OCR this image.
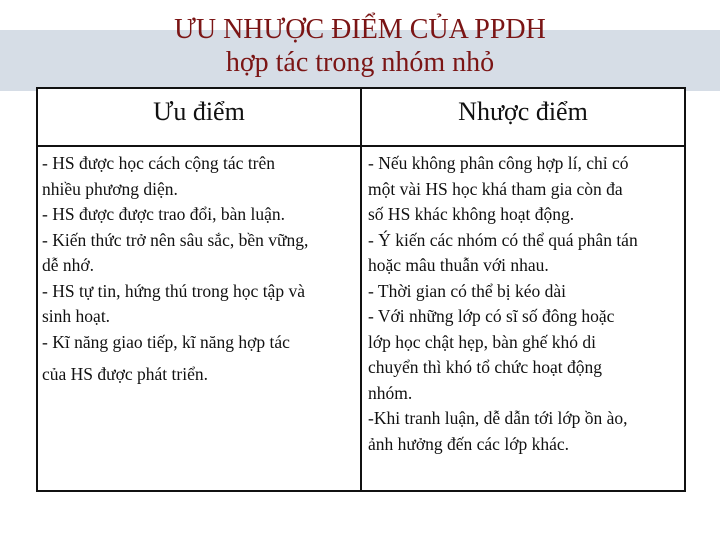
ƯU NHƯỢC ĐIỂM CỦA PPDH
hợp tác trong nhóm nhỏ
Ưu điểm	Nhược điểm
- HS được học cách cộng tác trên
nhiều phương diện.
- HS được được trao đổi, bàn luận.
- Kiến thức trở nên sâu sắc, bền vững,
dễ nhớ.
- HS tự tin, hứng thú trong học tập và
sinh hoạt.
- Kĩ năng giao tiếp, kĩ năng hợp tác
của HS được phát triển.
- Nếu không phân công hợp lí, chỉ có
một vài HS học khá tham gia còn đa
số HS khác không hoạt động.
- Ý kiến các nhóm có thể quá phân tán
hoặc mâu thuẫn với nhau.
- Thời gian có thể bị kéo dài
- Với những lớp có sĩ số đông hoặc
lớp học chật hẹp, bàn ghế khó di
chuyển thì khó tổ chức hoạt động
nhóm.
-Khi tranh luận, dễ dẫn tới lớp ồn ào,
ảnh hưởng đến các lớp khác.
